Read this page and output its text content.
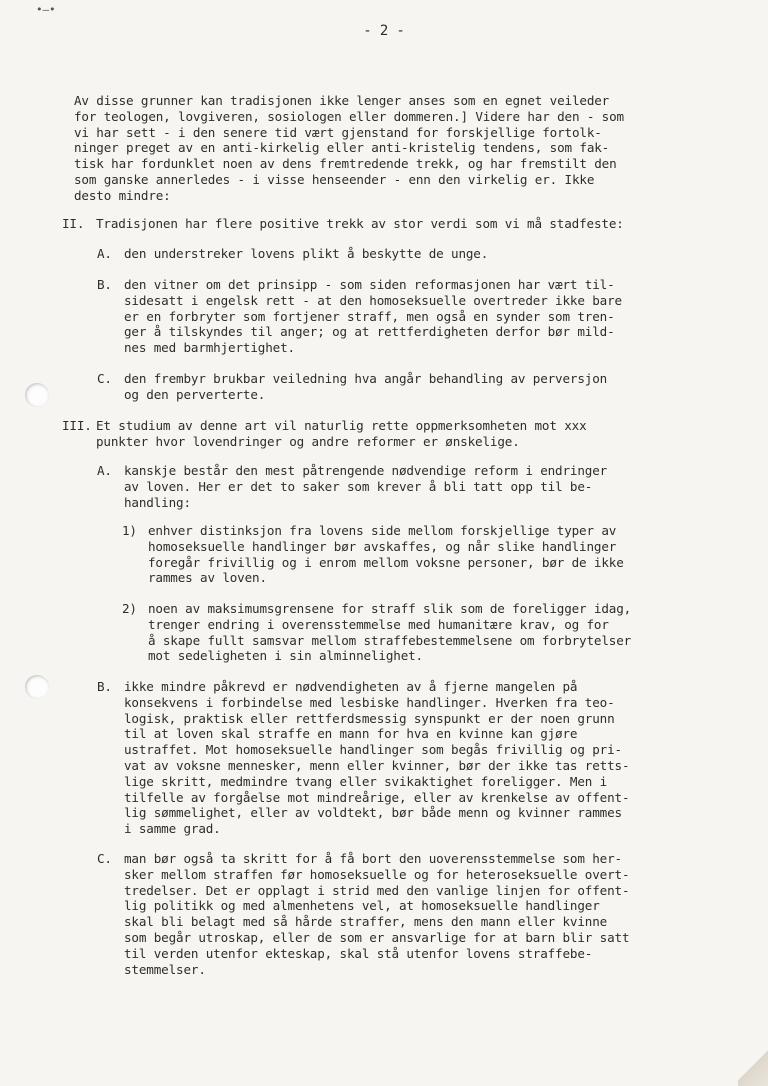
•—•
- 2 -
Av disse grunner kan tradisjonen ikke lenger anses som en egnet veileder
for teologen, lovgiveren, sosiologen eller dommeren.] Videre har den - som
vi har sett - i den senere tid vært gjenstand for forskjellige fortolk-
ninger preget av en anti-kirkelig eller anti-kristelig tendens, som fak-
tisk har fordunklet noen av dens fremtredende trekk, og har fremstilt den
som ganske annerledes - i visse henseender - enn den virkelig er. Ikke
desto mindre:
II. Tradisjonen har flere positive trekk av stor verdi som vi må stadfeste:
A. den understreker lovens plikt å beskytte de unge.
B. den vitner om det prinsipp - som siden reformasjonen har vært til-
sidesatt i engelsk rett - at den homoseksuelle overtreder ikke bare
er en forbryter som fortjener straff, men også en synder som tren-
ger å tilskyndes til anger; og at rettferdigheten derfor bør mild-
nes med barmhjertighet.
C. den frembyr brukbar veiledning hva angår behandling av perversjon
og den perverterte.
III. Et studium av denne art vil naturlig rette oppmerksomheten mot xxx
punkter hvor lovendringer og andre reformer er ønskelige.
A. kanskje består den mest påtrengende nødvendige reform i endringer
av loven. Her er det to saker som krever å bli tatt opp til be-
handling:
1) enhver distinksjon fra lovens side mellom forskjellige typer av
homoseksuelle handlinger bør avskaffes, og når slike handlinger
foregår frivillig og i enrom mellom voksne personer, bør de ikke
rammes av loven.
2) noen av maksimumsgrensene for straff slik som de foreligger idag,
trenger endring i overensstemmelse med humanitære krav, og for
å skape fullt samsvar mellom straffebestemmelsene om forbrytelser
mot sedeligheten i sin alminnelighet.
B. ikke mindre påkrevd er nødvendigheten av å fjerne mangelen på
konsekvens i forbindelse med lesbiske handlinger. Hverken fra teo-
logisk, praktisk eller rettferdsmessig synspunkt er der noen grunn
til at loven skal straffe en mann for hva en kvinne kan gjøre
ustraffet. Mot homoseksuelle handlinger som begås frivillig og pri-
vat av voksne mennesker, menn eller kvinner, bør der ikke tas retts-
lige skritt, medmindre tvang eller svikaktighet foreligger. Men i
tilfelle av forgåelse mot mindreårige, eller av krenkelse av offent-
lig sømmelighet, eller av voldtekt, bør både menn og kvinner rammes
i samme grad.
C. man bør også ta skritt for å få bort den uoverensstemmelse som her-
sker mellom straffen før homoseksuelle og for heteroseksuelle overt-
tredelser. Det er opplagt i strid med den vanlige linjen for offent-
lig politikk og med almenhetens vel, at homoseksuelle handlinger
skal bli belagt med så hårde straffer, mens den mann eller kvinne
som begår utroskap, eller de som er ansvarlige for at barn blir satt
til verden utenfor ekteskap, skal stå utenfor lovens straffebe-
stemmelser.
